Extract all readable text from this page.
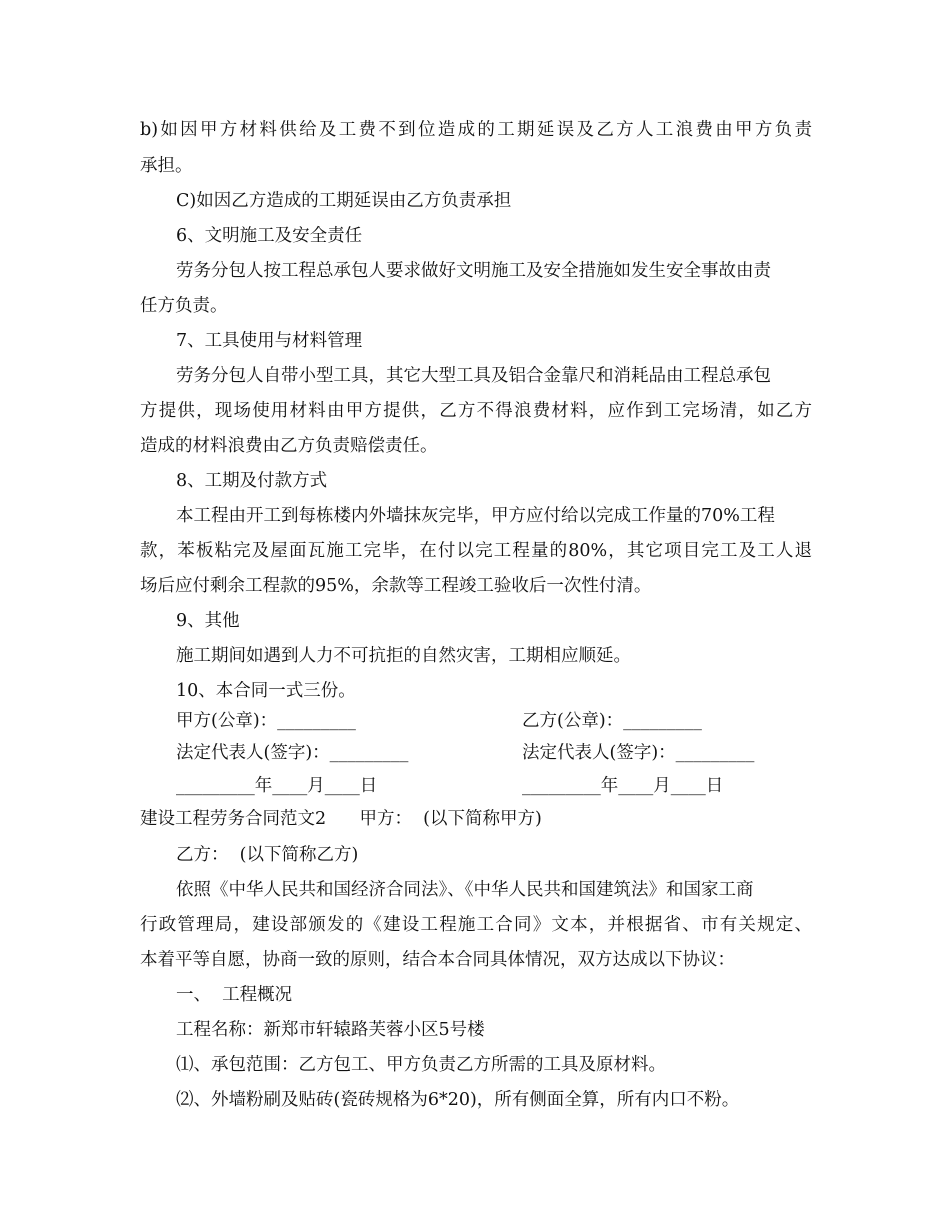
b)如因甲方材料供给及工费不到位造成的工期延误及乙方人工浪费由甲方负责
承担。
C)如因乙方造成的工期延误由乙方负责承担
6、文明施工及安全责任
劳务分包人按工程总承包人要求做好文明施工及安全措施如发生安全事故由责
任方负责。
7、工具使用与材料管理
劳务分包人自带小型工具，其它大型工具及铝合金靠尺和消耗品由工程总承包
方提供，现场使用材料由甲方提供，乙方不得浪费材料，应作到工完场清，如乙方
造成的材料浪费由乙方负责赔偿责任。
8、工期及付款方式
本工程由开工到每栋楼内外墙抹灰完毕，甲方应付给以完成工作量的70%工程
款，苯板粘完及屋面瓦施工完毕，在付以完工程量的80%，其它项目完工及工人退
场后应付剩余工程款的95%，余款等工程竣工验收后一次性付清。
9、其他
施工期间如遇到人力不可抗拒的自然灾害，工期相应顺延。
10、本合同一式三份。
甲方(公章)：_________	乙方(公章)：_________
法定代表人(签字)：_________	法定代表人(签字)：_________
_________年____月____日	_________年____月____日
建设工程劳务合同范文2      甲方：  (以下简称甲方)
乙方：  (以下简称乙方)
依照《中华人民共和国经济合同法》、《中华人民共和国建筑法》和国家工商
行政管理局，建设部颁发的《建设工程施工合同》文本，并根据省、市有关规定、
本着平等自愿，协商一致的原则，结合本合同具体情况，双方达成以下协议：
一、  工程概况
工程名称：新郑市轩辕路芙蓉小区5号楼
⑴、承包范围：乙方包工、甲方负责乙方所需的工具及原材料。
⑵、外墙粉刷及贴砖(瓷砖规格为6*20)，所有侧面全算，所有内口不粉。
